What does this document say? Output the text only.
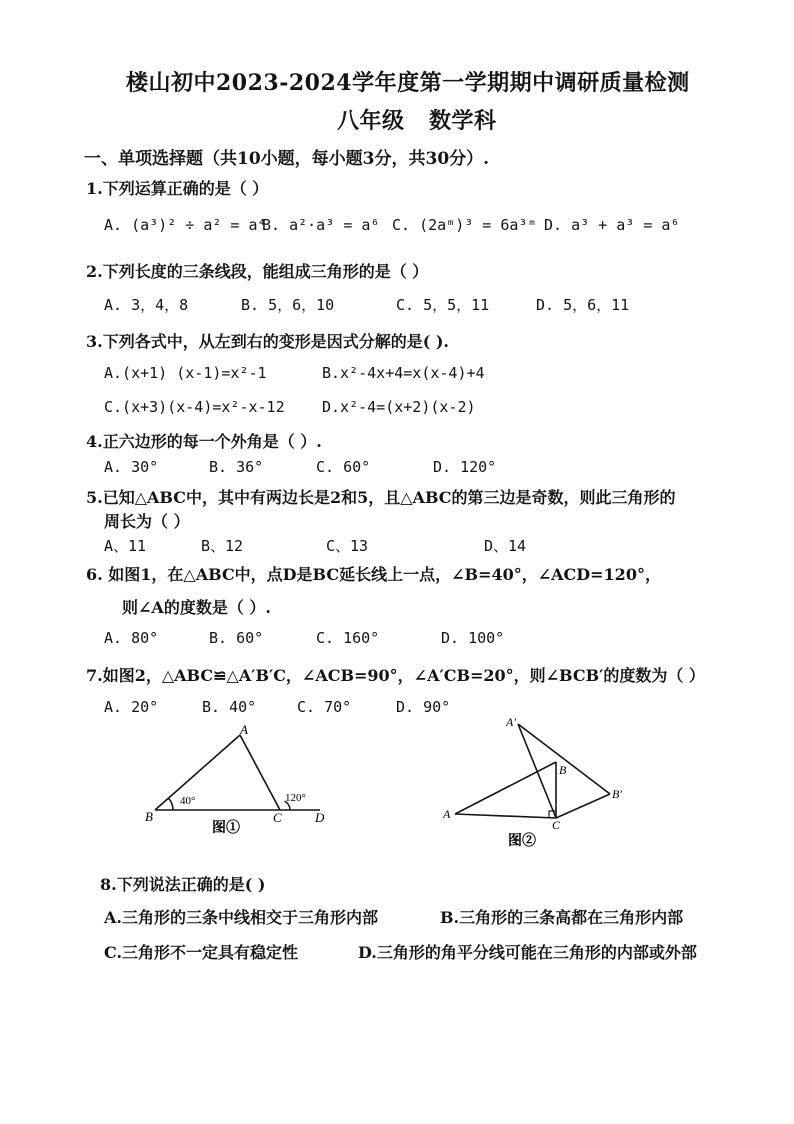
楼山初中2023-2024学年度第一学期期中调研质量检测
八年级   数学科
一、单项选择题（共10小题，每小题3分，共30分）.
1.下列运算正确的是（ ）
A. (a³)² ÷ a² = a⁴
B. a²·a³ = a⁶ C. (2aᵐ)³ = 6a³ᵐ D. a³ + a³ = a⁶
2.下列长度的三条线段，能组成三角形的是（ ）
A. 3，4，8	B. 5，6，10	C. 5，5，11	D. 5，6，11
3.下列各式中，从左到右的变形是因式分解的是( ).
A.(x+1) (x-1)=x²-1	B.x²-4x+4=x(x-4)+4
C.(x+3)(x-4)=x²-x-12 D.x²-4=(x+2)(x-2)
4.正六边形的每一个外角是（ ）.
A. 30°	B. 36°	C. 60°	D. 120°
5.已知△ABC中，其中有两边长是2和5，且△ABC的第三边是奇数，则此三角形的
周长为（ ）
A、11	B、12	C、13	D、14
6. 如图1，在△ABC中，点D是BC延长线上一点，∠B=40°，∠ACD=120°，
则∠A的度数是（ ）.
A. 80°	B. 60°	C. 160°	D. 100°
7.如图2，△ABC≌△A′B′C，∠ACB=90°，∠A′CB=20°，则∠BCB′的度数为（ ）
A. 20°	B. 40°	C. 70°	D. 90°
A
B	C	D
40°	120°
图①
A′
B
B′
A
C
图②
8.下列说法正确的是( )
A.三角形的三条中线相交于三角形内部	B.三角形的三条高都在三角形内部
C.三角形不一定具有稳定性	D.三角形的角平分线可能在三角形的内部或外部
